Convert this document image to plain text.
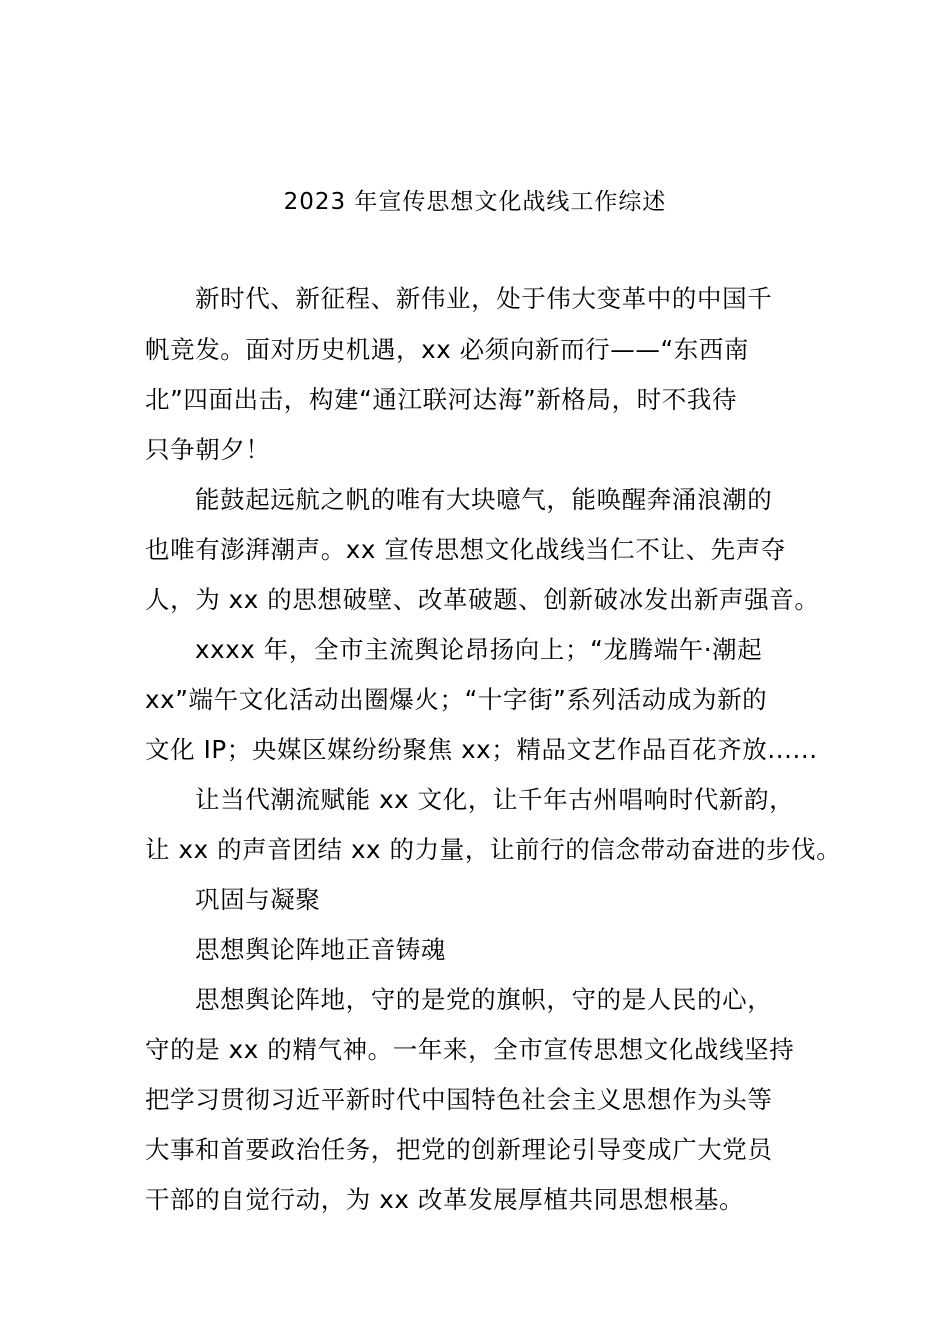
2023 年宣传思想文化战线工作综述
新时代、新征程、新伟业，处于伟大变革中的中国千
帆竞发。面对历史机遇，xx 必须向新而行——“东西南
北”四面出击，构建“通江联河达海”新格局，时不我待
只争朝夕！
能鼓起远航之帆的唯有大块噫气，能唤醒奔涌浪潮的
也唯有澎湃潮声。xx 宣传思想文化战线当仁不让、先声夺
人，为 xx 的思想破壁、改革破题、创新破冰发出新声强音。
xxxx 年，全市主流舆论昂扬向上；“龙腾端午·潮起
xx”端午文化活动出圈爆火；“十字街”系列活动成为新的
文化 IP；央媒区媒纷纷聚焦 xx；精品文艺作品百花齐放......
让当代潮流赋能 xx 文化，让千年古州唱响时代新韵，
让 xx 的声音团结 xx 的力量，让前行的信念带动奋进的步伐。
巩固与凝聚
思想舆论阵地正音铸魂
思想舆论阵地，守的是党的旗帜，守的是人民的心，
守的是 xx 的精气神。一年来，全市宣传思想文化战线坚持
把学习贯彻习近平新时代中国特色社会主义思想作为头等
大事和首要政治任务，把党的创新理论引导变成广大党员
干部的自觉行动，为 xx 改革发展厚植共同思想根基。
